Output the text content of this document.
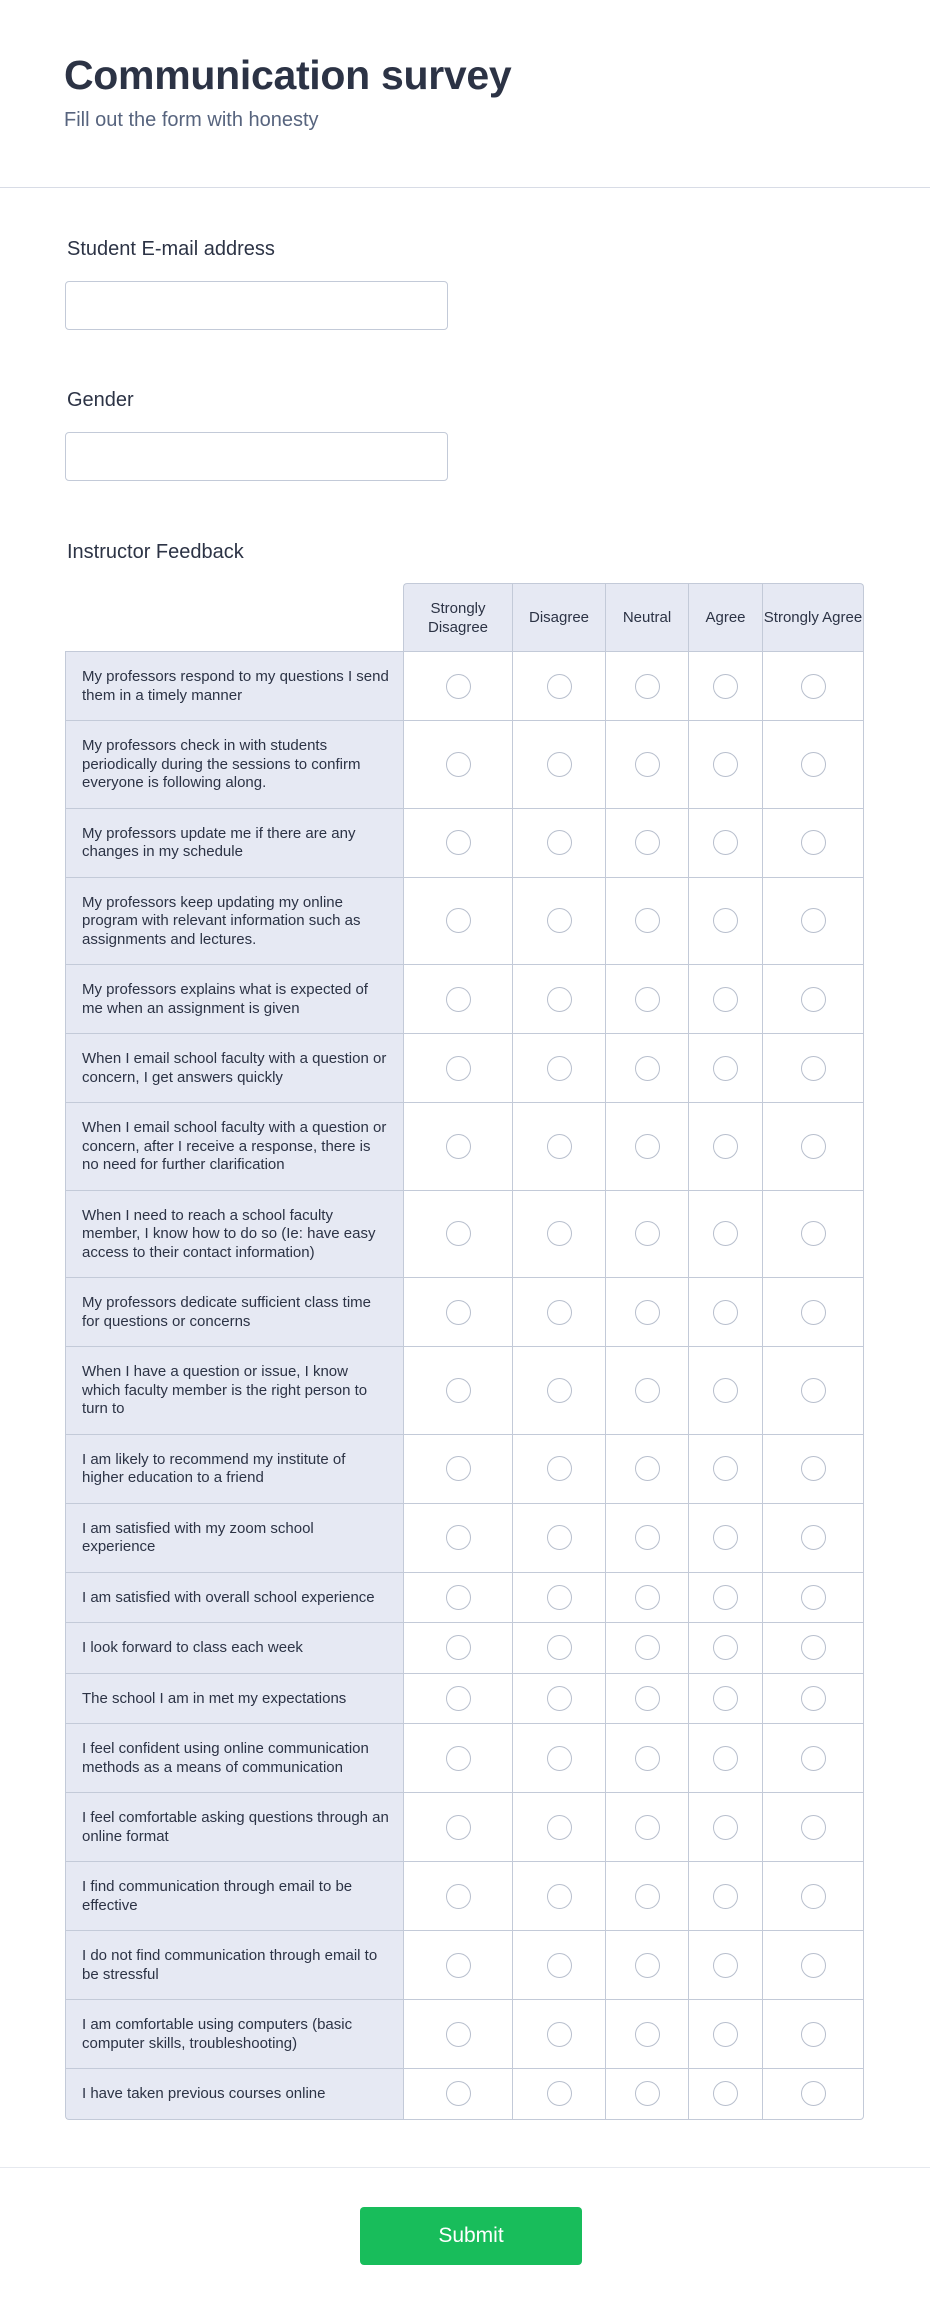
Communication survey
Fill out the form with honesty
Student E-mail address
Gender
Instructor Feedback
	Strongly Disagree	Disagree	Neutral	Agree	Strongly Agree
My professors respond to my questions I send them in a timely manner					
My professors check in with students periodically during the sessions to confirm everyone is following along.					
My professors update me if there are any changes in my schedule					
My professors keep updating my online program with relevant information such as assignments and lectures.					
My professors explains what is expected of me when an assignment is given					
When I email school faculty with a question or concern, I get answers quickly					
When I email school faculty with a question or concern, after I receive a response, there is no need for further clarification					
When I need to reach a school faculty member, I know how to do so (Ie: have easy access to their contact information)					
My professors dedicate sufficient class time for questions or concerns					
When I have a question or issue, I know which faculty member is the right person to turn to					
I am likely to recommend my institute of higher education to a friend					
I am satisfied with my zoom school experience					
I am satisfied with overall school experience					
I look forward to class each week					
The school I am in met my expectations					
I feel confident using online communication methods as a means of communication					
I feel comfortable asking questions through an online format					
I find communication through email to be effective					
I do not find communication through email to be stressful					
I am comfortable using computers (basic computer skills, troubleshooting)					
I have taken previous courses online					
Submit
